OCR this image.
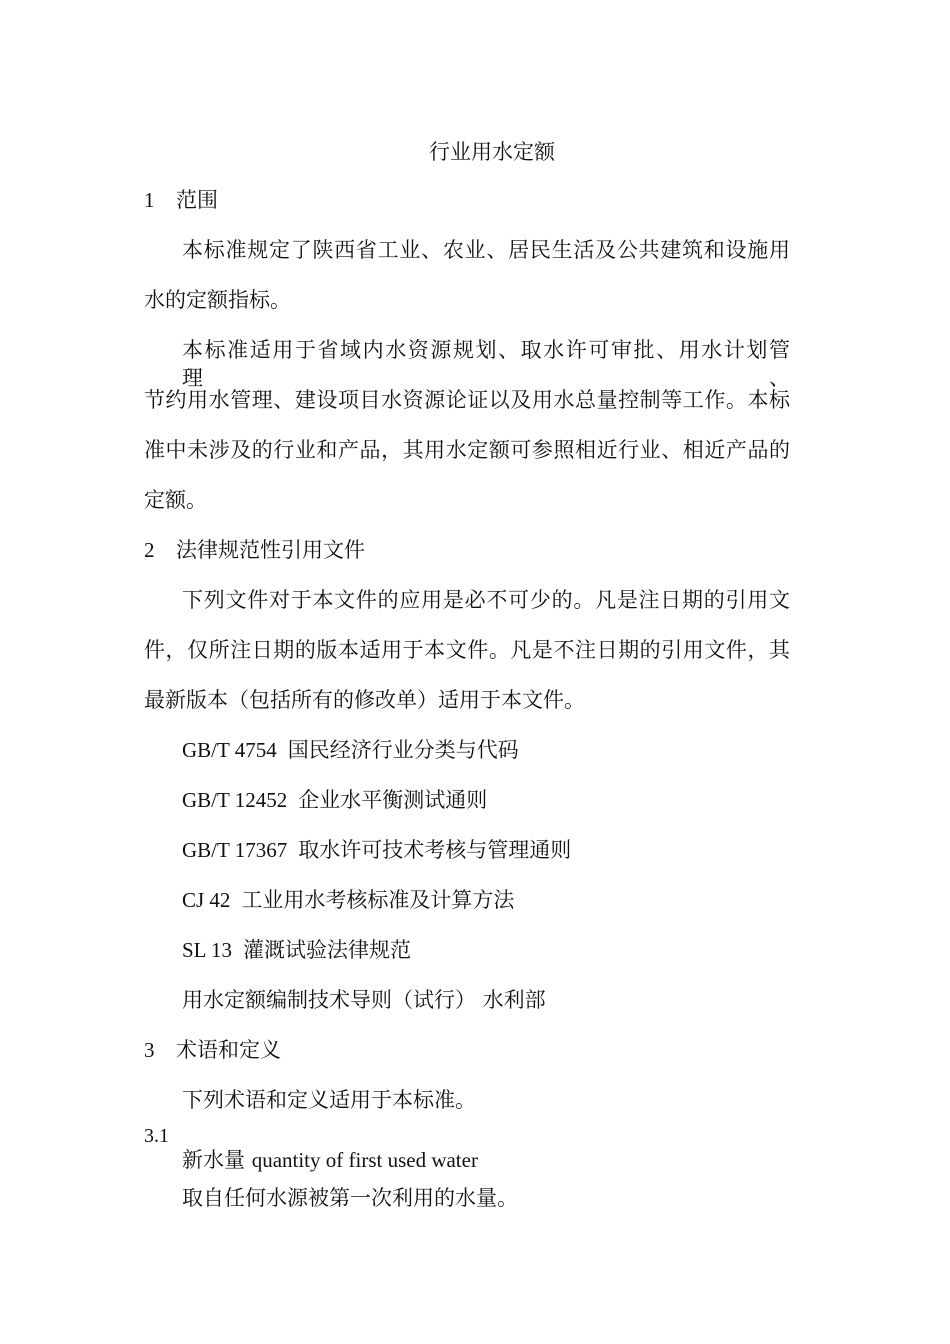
行业用水定额
1 范围
本标准规定了陕西省工业、农业、居民生活及公共建筑和设施用
水的定额指标。
本标准适用于省域内水资源规划、取水许可审批、用水计划管理、
节约用水管理、建设项目水资源论证以及用水总量控制等工作。本标
准中未涉及的行业和产品，其用水定额可参照相近行业、相近产品的
定额。
2 法律规范性引用文件
下列文件对于本文件的应用是必不可少的。凡是注日期的引用文
件，仅所注日期的版本适用于本文件。凡是不注日期的引用文件，其
最新版本（包括所有的修改单）适用于本文件。
GB/T 4754 国民经济行业分类与代码
GB/T 12452 企业水平衡测试通则
GB/T 17367 取水许可技术考核与管理通则
CJ 42 工业用水考核标准及计算方法
SL 13 灌溉试验法律规范
用水定额编制技术导则（试行） 水利部
3 术语和定义
下列术语和定义适用于本标准。
3.1
新水量 quantity of first used water
取自任何水源被第一次利用的水量。
